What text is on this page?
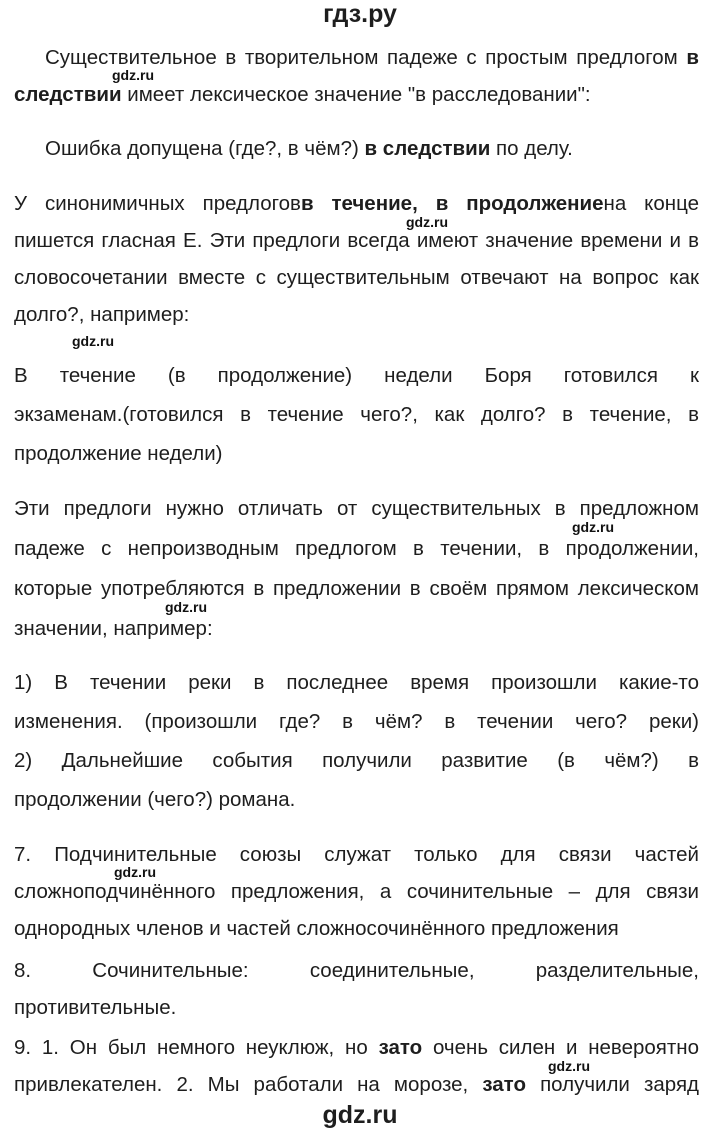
гдз.ру
Существительное в творительном падеже с простым предлогом в
gdz.ru
следствии имеет лексическое значение "в расследовании":
Ошибка допущена (где?, в чём?) в следствии по делу.
У синонимичных предлоговв течение, в продолжениена конце
gdz.ru
пишется гласная Е. Эти предлоги всегда имеют значение времени и в
словосочетании вместе с существительным отвечают на вопрос как
долго?, например:
gdz.ru
В течение (в продолжение) недели Боря готовился к
экзаменам.(готовился в течение чего?, как долго? в течение, в
продолжение недели)
Эти предлоги нужно отличать от существительных в предложном
gdz.ru
падеже с непроизводным предлогом в течении, в продолжении,
которые употребляются в предложении в своём прямом лексическом
gdz.ru
значении, например:
1) В течении реки в последнее время произошли какие-то
изменения. (произошли где? в чём? в течении чего? реки)
2) Дальнейшие события получили развитие (в чём?) в
продолжении (чего?) романа.
7. Подчинительные союзы служат только для связи частей
gdz.ru
сложноподчинённого предложения, а сочинительные – для связи
однородных членов и частей сложносочинённого предложения
8. Сочинительные: соединительные, разделительные,
противительные.
9. 1. Он был немного неуклюж, но зато очень силен и невероятно
gdz.ru
привлекателен. 2. Мы работали на морозе, зато получили заряд
gdz.ru
